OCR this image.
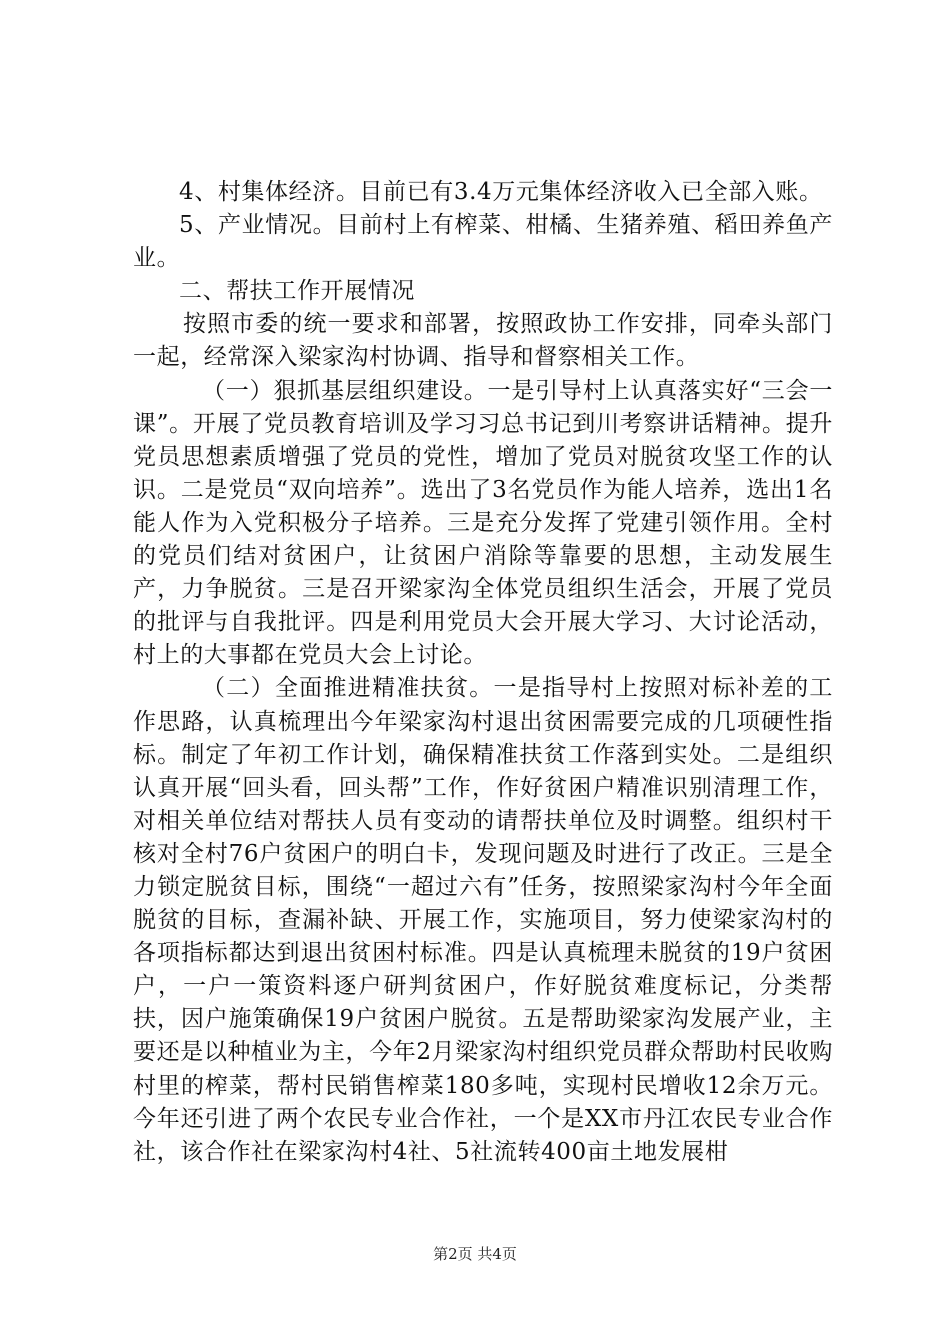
4、村集体经济。目前已有3.4万元集体经济收入已全部入账。

5、产业情况。目前村上有榨菜、柑橘、生猪养殖、稻田养鱼产业。

二、帮扶工作开展情况

按照市委的统一要求和部署，按照政协工作安排，同牵头部门一起，经常深入梁家沟村协调、指导和督察相关工作。

（一）狠抓基层组织建设。一是引导村上认真落实好“三会一课”。开展了党员教育培训及学习习总书记到川考察讲话精神。提升党员思想素质增强了党员的党性，增加了党员对脱贫攻坚工作的认识。二是党员“双向培养”。选出了3名党员作为能人培养，选出1名能人作为入党积极分子培养。三是充分发挥了党建引领作用。全村的党员们结对贫困户，让贫困户消除等靠要的思想，主动发展生产，力争脱贫。三是召开梁家沟全体党员组织生活会，开展了党员的批评与自我批评。四是利用党员大会开展大学习、大讨论活动，村上的大事都在党员大会上讨论。

（二）全面推进精准扶贫。一是指导村上按照对标补差的工作思路，认真梳理出今年梁家沟村退出贫困需要完成的几项硬性指标。制定了年初工作计划，确保精准扶贫工作落到实处。二是组织认真开展“回头看，回头帮”工作，作好贫困户精准识别清理工作，对相关单位结对帮扶人员有变动的请帮扶单位及时调整。组织村干核对全村76户贫困户的明白卡，发现问题及时进行了改正。三是全力锁定脱贫目标，围绕“一超过六有”任务，按照梁家沟村今年全面脱贫的目标，查漏补缺、开展工作，实施项目，努力使梁家沟村的各项指标都达到退出贫困村标准。四是认真梳理未脱贫的19户贫困户，一户一策资料逐户研判贫困户，作好脱贫难度标记，分类帮扶，因户施策确保19户贫困户脱贫。五是帮助梁家沟发展产业，主要还是以种植业为主，今年2月梁家沟村组织党员群众帮助村民收购村里的榨菜，帮村民销售榨菜180多吨，实现村民增收12余万元。今年还引进了两个农民专业合作社，一个是XX市丹江农民专业合作社，该合作社在梁家沟村4社、5社流转400亩土地发展柑

第2页 共4页
